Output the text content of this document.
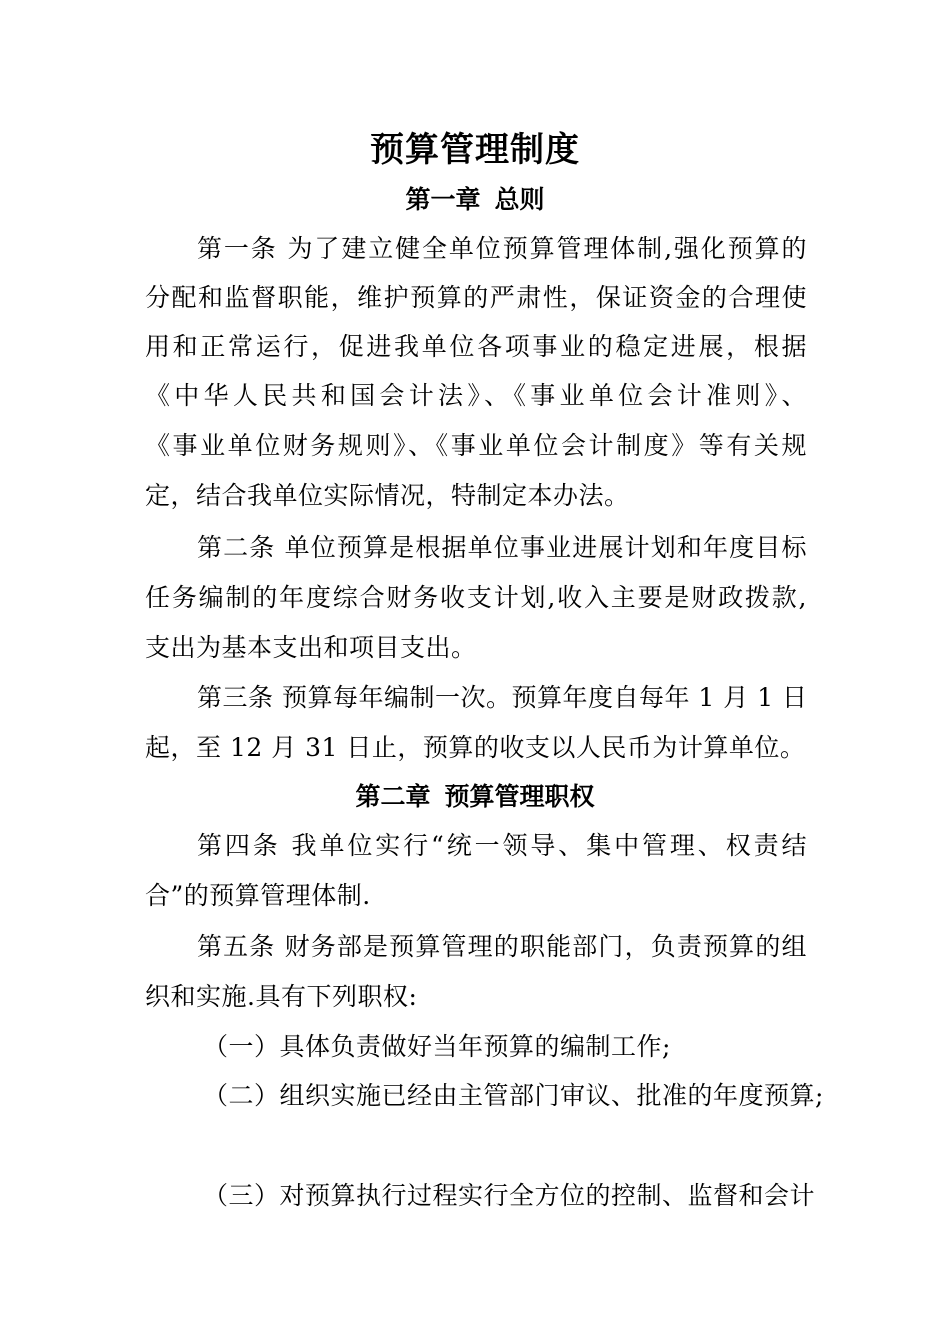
预算管理制度
第一章 总则
第一条 为了建立健全单位预算管理体制,强化预算的
分配和监督职能，维护预算的严肃性，保证资金的合理使
用和正常运行，促进我单位各项事业的稳定进展，根据
《中华人民共和国会计法》、《事业单位会计准则》、
《事业单位财务规则》、《事业单位会计制度》等有关规
定，结合我单位实际情况，特制定本办法。
第二条 单位预算是根据单位事业进展计划和年度目标
任务编制的年度综合财务收支计划,收入主要是财政拨款,
支出为基本支出和项目支出。
第三条 预算每年编制一次。预算年度自每年 1 月 1 日
起，至 12 月 31 日止，预算的收支以人民币为计算单位。
第二章 预算管理职权
第四条 我单位实行“统一领导、集中管理、权责结
合”的预算管理体制.
第五条 财务部是预算管理的职能部门，负责预算的组
织和实施.具有下列职权:
（一）具体负责做好当年预算的编制工作;
（二）组织实施已经由主管部门审议、批准的年度预算;
（三）对预算执行过程实行全方位的控制、监督和会计
